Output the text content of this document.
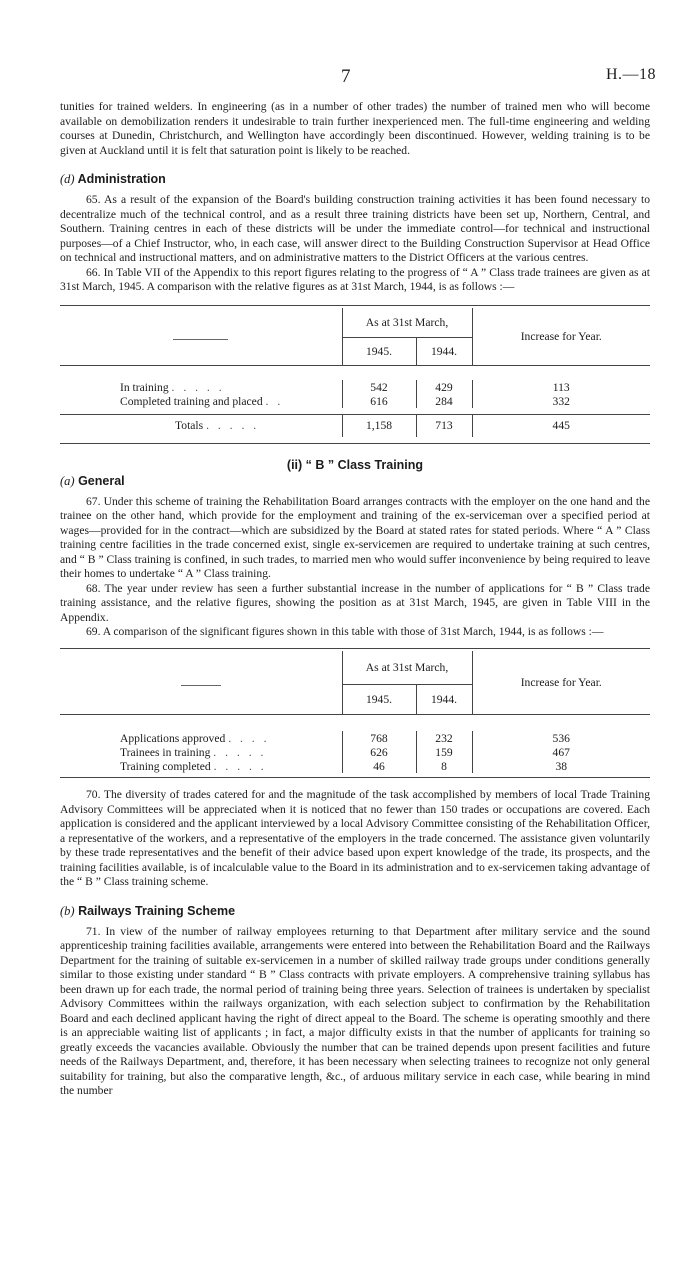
7	H.—18

tunities for trained welders. In engineering (as in a number of other trades) the number of trained men who will become available on demobilization renders it undesirable to train further inexperienced men. The full-time engineering and welding courses at Dunedin, Christchurch, and Wellington have accordingly been discontinued. However, welding training is to be given at Auckland until it is felt that saturation point is likely to be reached.

(d) Administration

65. As a result of the expansion of the Board's building construction training activities it has been found necessary to decentralize much of the technical control, and as a result three training districts have been set up, Northern, Central, and Southern. Training centres in each of these districts will be under the immediate control—for technical and instructional purposes—of a Chief Instructor, who, in each case, will answer direct to the Building Construction Supervisor at Head Office on technical and instructional matters, and on administrative matters to the District Officers at the various centres.

66. In Table VII of the Appendix to this report figures relating to the progress of “ A ” Class trade trainees are given as at 31st March, 1945. A comparison with the relative figures as at 31st March, 1944, is as follows :—

	As at 31st March,		Increase for Year.
	1945.	1944.	

In training . . . . .	542	429	113
Completed training and placed . .	616	284	332

Totals . . . . .	1,158	713	445

(ii) “ B ” Class Training
(a) General

67. Under this scheme of training the Rehabilitation Board arranges contracts with the employer on the one hand and the trainee on the other hand, which provide for the employment and training of the ex-serviceman over a specified period at wages—provided for in the contract—which are subsidized by the Board at stated rates for stated periods. Where “ A ” Class training centre facilities in the trade concerned exist, single ex-servicemen are required to undertake training at such centres, and “ B ” Class training is confined, in such trades, to married men who would suffer inconvenience by being required to leave their homes to undertake “ A ” Class training.

68. The year under review has seen a further substantial increase in the number of applications for “ B ” Class trade training assistance, and the relative figures, showing the position as at 31st March, 1945, are given in Table VIII in the Appendix.

69. A comparison of the significant figures shown in this table with those of 31st March, 1944, is as follows :—

	As at 31st March,		Increase for Year.
	1945.	1944.	

Applications approved . . . .	768	232	536
Trainees in training . . . . .	626	159	467
Training completed . . . . .	46	8	38

70. The diversity of trades catered for and the magnitude of the task accomplished by members of local Trade Training Advisory Committees will be appreciated when it is noticed that no fewer than 150 trades or occupations are covered. Each application is considered and the applicant interviewed by a local Advisory Committee consisting of the Rehabilitation Officer, a representative of the workers, and a representative of the employers in the trade concerned. The assistance given voluntarily by these trade representatives and the benefit of their advice based upon expert knowledge of the trade, its prospects, and the training facilities available, is of incalculable value to the Board in its administration and to ex-servicemen taking advantage of the “ B ” Class training scheme.

(b) Railways Training Scheme

71. In view of the number of railway employees returning to that Department after military service and the sound apprenticeship training facilities available, arrangements were entered into between the Rehabilitation Board and the Railways Department for the training of suitable ex-servicemen in a number of skilled railway trade groups under conditions generally similar to those existing under standard “ B ” Class contracts with private employers. A comprehensive training syllabus has been drawn up for each trade, the normal period of training being three years. Selection of trainees is undertaken by specialist Advisory Committees within the railways organization, with each selection subject to confirmation by the Rehabilitation Board and each declined applicant having the right of direct appeal to the Board. The scheme is operating smoothly and there is an appreciable waiting list of applicants ; in fact, a major difficulty exists in that the number of applicants for training so greatly exceeds the vacancies available. Obviously the number that can be trained depends upon present facilities and future needs of the Railways Department, and, therefore, it has been necessary when selecting trainees to recognize not only general suitability for training, but also the comparative length, &c., of arduous military service in each case, while bearing in mind the number
